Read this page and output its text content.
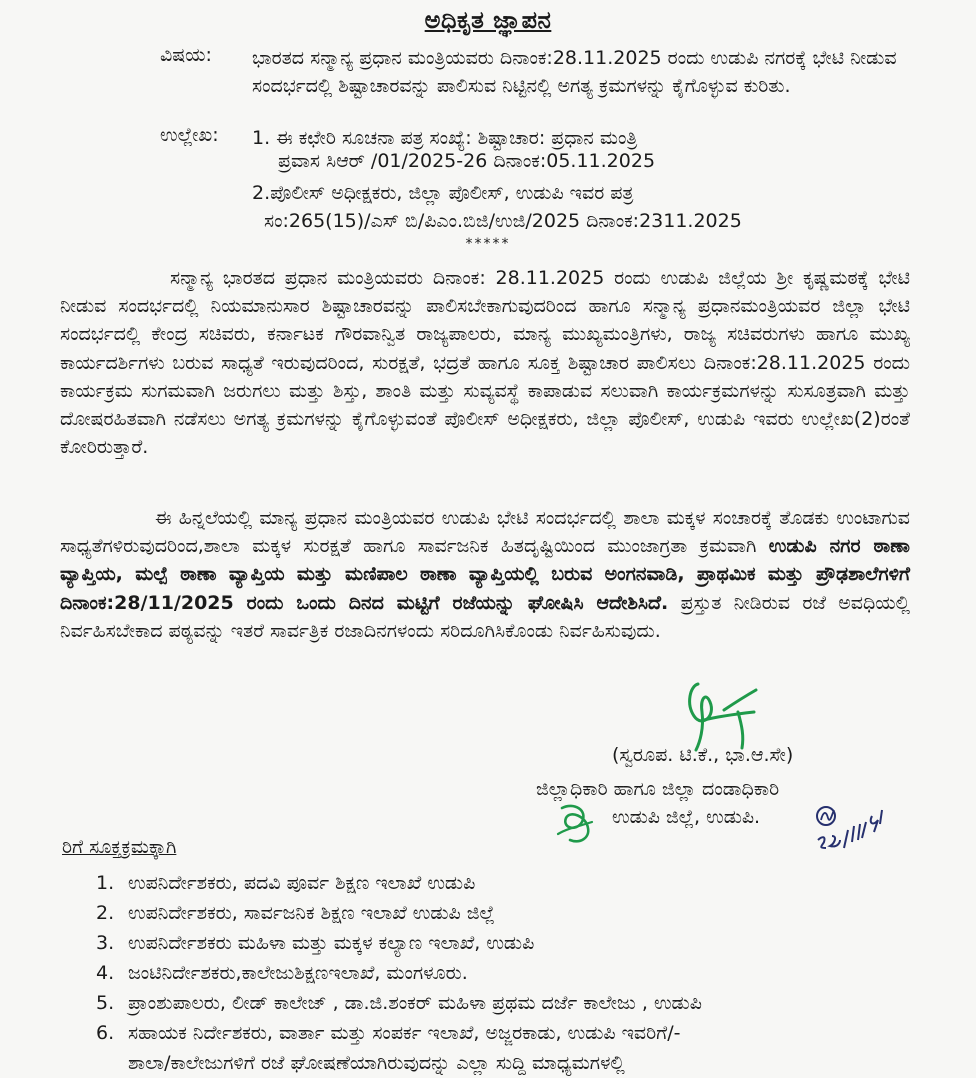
ಅಧಿಕೃತ ಜ್ಞಾಪನ
ವಿಷಯ: ಭಾರತದ ಸನ್ಮಾನ್ಯ ಪ್ರಧಾನ ಮಂತ್ರಿಯವರು ದಿನಾಂಕ:28.11.2025 ರಂದು ಉಡುಪಿ ನಗರಕ್ಕೆ ಭೇಟಿ ನೀಡುವ ಸಂದರ್ಭದಲ್ಲಿ ಶಿಷ್ಟಾಚಾರವನ್ನು ಪಾಲಿಸುವ ನಿಟ್ಟಿನಲ್ಲಿ ಅಗತ್ಯ ಕ್ರಮಗಳನ್ನು ಕೈಗೊಳ್ಳುವ ಕುರಿತು.
ಉಲ್ಲೇಖ: 1. ಈ ಕಛೇರಿ ಸೂಚನಾ ಪತ್ರ ಸಂಖ್ಯೆ: ಶಿಷ್ಟಾಚಾರ: ಪ್ರಧಾನ ಮಂತ್ರಿ
ಪ್ರವಾಸ ಸಿಆರ್ /01/2025-26 ದಿನಾಂಕ:05.11.2025
2.ಪೊಲೀಸ್ ಅಧೀಕ್ಷಕರು, ಜಿಲ್ಲಾ ಪೊಲೀಸ್, ಉಡುಪಿ ಇವರ ಪತ್ರ
ಸಂ:265(15)/ಎಸ್ ಬಿ/ಪಿಎಂ.ಬಿಜಿ/ಉಜಿ/2025 ದಿನಾಂಕ:2311.2025
*****
ಸನ್ಮಾನ್ಯ ಭಾರತದ ಪ್ರಧಾನ ಮಂತ್ರಿಯವರು ದಿನಾಂಕ: 28.11.2025 ರಂದು ಉಡುಪಿ ಜಿಲ್ಲೆಯ ಶ್ರೀ ಕೃಷ್ಣಮಠಕ್ಕೆ ಭೇಟಿ ನೀಡುವ ಸಂದರ್ಭದಲ್ಲಿ ನಿಯಮಾನುಸಾರ ಶಿಷ್ಟಾಚಾರವನ್ನು ಪಾಲಿಸಬೇಕಾಗುವುದರಿಂದ ಹಾಗೂ ಸನ್ಮಾನ್ಯ ಪ್ರಧಾನಮಂತ್ರಿಯವರ ಜಿಲ್ಲಾ ಭೇಟಿ ಸಂದರ್ಭದಲ್ಲಿ ಕೇಂದ್ರ ಸಚಿವರು, ಕರ್ನಾಟಕ ಗೌರವಾನ್ವಿತ ರಾಜ್ಯಪಾಲರು, ಮಾನ್ಯ ಮುಖ್ಯಮಂತ್ರಿಗಳು, ರಾಜ್ಯ ಸಚಿವರುಗಳು ಹಾಗೂ ಮುಖ್ಯ ಕಾರ್ಯದರ್ಶಿಗಳು ಬರುವ ಸಾಧ್ಯತೆ ಇರುವುದರಿಂದ, ಸುರಕ್ಷತೆ, ಭದ್ರತೆ ಹಾಗೂ ಸೂಕ್ತ ಶಿಷ್ಟಾಚಾರ ಪಾಲಿಸಲು ದಿನಾಂಕ:28.11.2025 ರಂದು ಕಾರ್ಯಕ್ರಮ ಸುಗಮವಾಗಿ ಜರುಗಲು ಮತ್ತು ಶಿಸ್ತು, ಶಾಂತಿ ಮತ್ತು ಸುವ್ಯವಸ್ಥೆ ಕಾಪಾಡುವ ಸಲುವಾಗಿ ಕಾರ್ಯಕ್ರಮಗಳನ್ನು ಸುಸೂತ್ರವಾಗಿ ಮತ್ತು ದೋಷರಹಿತವಾಗಿ ನಡೆಸಲು ಅಗತ್ಯ ಕ್ರಮಗಳನ್ನು ಕೈಗೊಳ್ಳುವಂತೆ ಪೊಲೀಸ್ ಅಧೀಕ್ಷಕರು, ಜಿಲ್ಲಾ ಪೊಲೀಸ್, ಉಡುಪಿ ಇವರು ಉಲ್ಲೇಖ(2)ರಂತೆ ಕೋರಿರುತ್ತಾರೆ.
ಈ ಹಿನ್ನಲೆಯಲ್ಲಿ ಮಾನ್ಯ ಪ್ರಧಾನ ಮಂತ್ರಿಯವರ ಉಡುಪಿ ಭೇಟಿ ಸಂದರ್ಭದಲ್ಲಿ ಶಾಲಾ ಮಕ್ಕಳ ಸಂಚಾರಕ್ಕೆ ತೊಡಕು ಉಂಟಾಗುವ ಸಾಧ್ಯತೆಗಳಿರುವುದರಿಂದ,ಶಾಲಾ ಮಕ್ಕಳ ಸುರಕ್ಷತೆ ಹಾಗೂ ಸಾರ್ವಜನಿಕ ಹಿತದೃಷ್ಟಿಯಿಂದ ಮುಂಜಾಗ್ರತಾ ಕ್ರಮವಾಗಿ ಉಡುಪಿ ನಗರ ಠಾಣಾ ವ್ಯಾಪ್ತಿಯ, ಮಲ್ಪೆ ಠಾಣಾ ವ್ಯಾಪ್ತಿಯ ಮತ್ತು ಮಣಿಪಾಲ ಠಾಣಾ ವ್ಯಾಪ್ತಿಯಲ್ಲಿ ಬರುವ ಅಂಗನವಾಡಿ, ಪ್ರಾಥಮಿಕ ಮತ್ತು ಪ್ರೌಢಶಾಲೆಗಳಿಗೆ ದಿನಾಂಕ:28/11/2025 ರಂದು ಒಂದು ದಿನದ ಮಟ್ಟಿಗೆ ರಜೆಯನ್ನು ಘೋಷಿಸಿ ಆದೇಶಿಸಿದೆ. ಪ್ರಸ್ತುತ ನೀಡಿರುವ ರಜೆ ಅವಧಿಯಲ್ಲಿ ನಿರ್ವಹಿಸಬೇಕಾದ ಪಠ್ಯವನ್ನು ಇತರೆ ಸಾರ್ವತ್ರಿಕ ರಜಾದಿನಗಳಂದು ಸರಿದೂಗಿಸಿಕೊಂಡು ನಿರ್ವಹಿಸುವುದು.
(ಸ್ವರೂಪ. ಟಿ.ಕೆ., ಭಾ.ಆ.ಸೇ)
ಜಿಲ್ಲಾಧಿಕಾರಿ ಹಾಗೂ ಜಿಲ್ಲಾ ದಂಡಾಧಿಕಾರಿ
ಉಡುಪಿ ಜಿಲ್ಲೆ, ಉಡುಪಿ.
ರಿಗೆ ಸೂಕ್ತಕ್ರಮಕ್ಕಾಗಿ
1. ಉಪನಿರ್ದೇಶಕರು, ಪದವಿ ಪೂರ್ವ ಶಿಕ್ಷಣ ಇಲಾಖೆ ಉಡುಪಿ
2. ಉಪನಿರ್ದೇಶಕರು, ಸಾರ್ವಜನಿಕ ಶಿಕ್ಷಣ ಇಲಾಖೆ ಉಡುಪಿ ಜಿಲ್ಲೆ
3. ಉಪನಿರ್ದೇಶಕರು ಮಹಿಳಾ ಮತ್ತು ಮಕ್ಕಳ ಕಲ್ಯಾಣ ಇಲಾಖೆ, ಉಡುಪಿ
4. ಜಂಟಿನಿರ್ದೇಶಕರು,ಕಾಲೇಜುಶಿಕ್ಷಣಇಲಾಖೆ, ಮಂಗಳೂರು.
5. ಪ್ರಾಂಶುಪಾಲರು, ಲೀಡ್ ಕಾಲೇಜ್ , ಡಾ.ಜಿ.ಶಂಕರ್ ಮಹಿಳಾ ಪ್ರಥಮ ದರ್ಜೆ ಕಾಲೇಜು , ಉಡುಪಿ
6. ಸಹಾಯಕ ನಿರ್ದೇಶಕರು, ವಾರ್ತಾ ಮತ್ತು ಸಂಪರ್ಕ ಇಲಾಖೆ, ಅಜ್ಜರಕಾಡು, ಉಡುಪಿ ಇವರಿಗೆ/-
ಶಾಲಾ/ಕಾಲೇಜುಗಳಿಗೆ ರಜೆ ಘೋಷಣೆಯಾಗಿರುವುದನ್ನು ಎಲ್ಲಾ ಸುದ್ದಿ ಮಾಧ್ಯಮಗಳಲ್ಲಿ
